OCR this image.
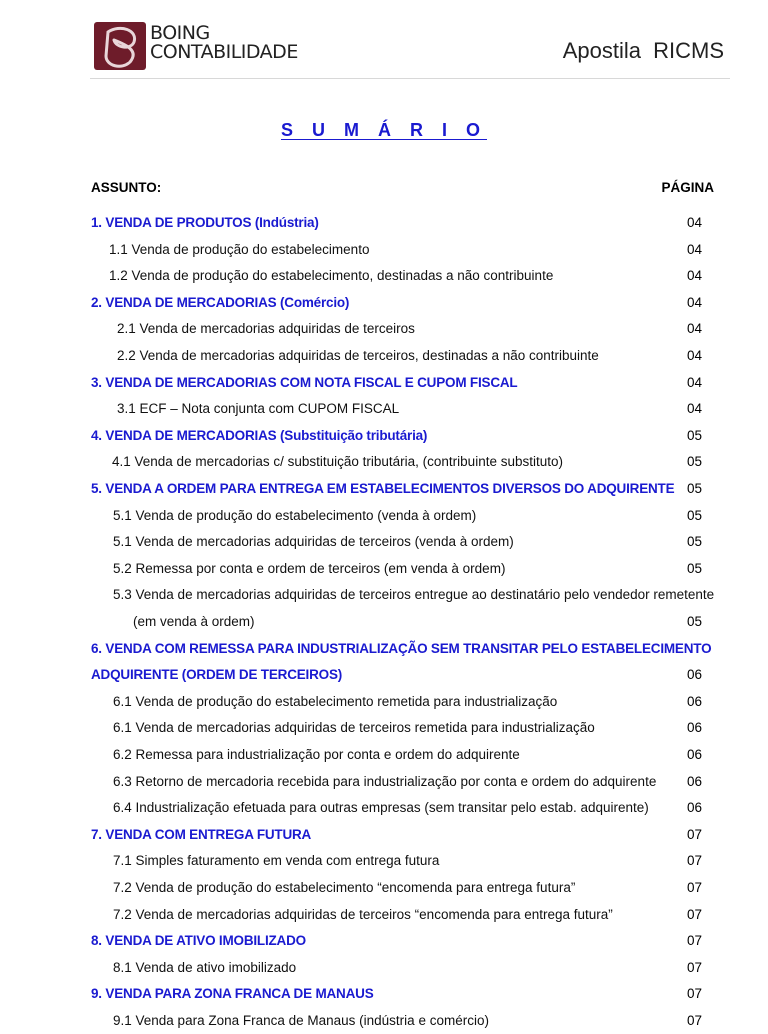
BOING
CONTABILIDADE	Apostila RICMS
S U M Á R I O
ASSUNTO:	PÁGINA
1. VENDA DE PRODUTOS (Indústria)	04
1.1 Venda de produção do estabelecimento	04
1.2 Venda de produção do estabelecimento, destinadas a não contribuinte	04
2. VENDA DE MERCADORIAS (Comércio)	04
2.1 Venda de mercadorias adquiridas de terceiros	04
2.2 Venda de mercadorias adquiridas de terceiros, destinadas a não contribuinte	04
3. VENDA DE MERCADORIAS COM NOTA FISCAL E CUPOM FISCAL	04
3.1 ECF – Nota conjunta com CUPOM FISCAL	04
4. VENDA DE MERCADORIAS (Substituição tributária)	05
4.1 Venda de mercadorias c/ substituição tributária, (contribuinte substituto)	05
5. VENDA A ORDEM PARA ENTREGA EM ESTABELECIMENTOS DIVERSOS DO ADQUIRENTE 05
5.1 Venda de produção do estabelecimento (venda à ordem)	05
5.1 Venda de mercadorias adquiridas de terceiros (venda à ordem)	05
5.2 Remessa por conta e ordem de terceiros (em venda à ordem)	05
5.3 Venda de mercadorias adquiridas de terceiros entregue ao destinatário pelo vendedor remetente
(em venda à ordem)	05
6. VENDA COM REMESSA PARA INDUSTRIALIZAÇÃO SEM TRANSITAR PELO ESTABELECIMENTO
ADQUIRENTE (ORDEM DE TERCEIROS)	06
6.1 Venda de produção do estabelecimento remetida para industrialização	06
6.1 Venda de mercadorias adquiridas de terceiros remetida para industrialização	06
6.2 Remessa para industrialização por conta e ordem do adquirente	06
6.3 Retorno de mercadoria recebida para industrialização por conta e ordem do adquirente 06
6.4 Industrialização efetuada para outras empresas (sem transitar pelo estab. adquirente)	06
7. VENDA COM ENTREGA FUTURA	07
7.1 Simples faturamento em venda com entrega futura	07
7.2 Venda de produção do estabelecimento “encomenda para entrega futura”	07
7.2 Venda de mercadorias adquiridas de terceiros “encomenda para entrega futura”	07
8. VENDA DE ATIVO IMOBILIZADO	07
8.1 Venda de ativo imobilizado	07
9. VENDA PARA ZONA FRANCA DE MANAUS	07
9.1 Venda para Zona Franca de Manaus (indústria e comércio)	07
